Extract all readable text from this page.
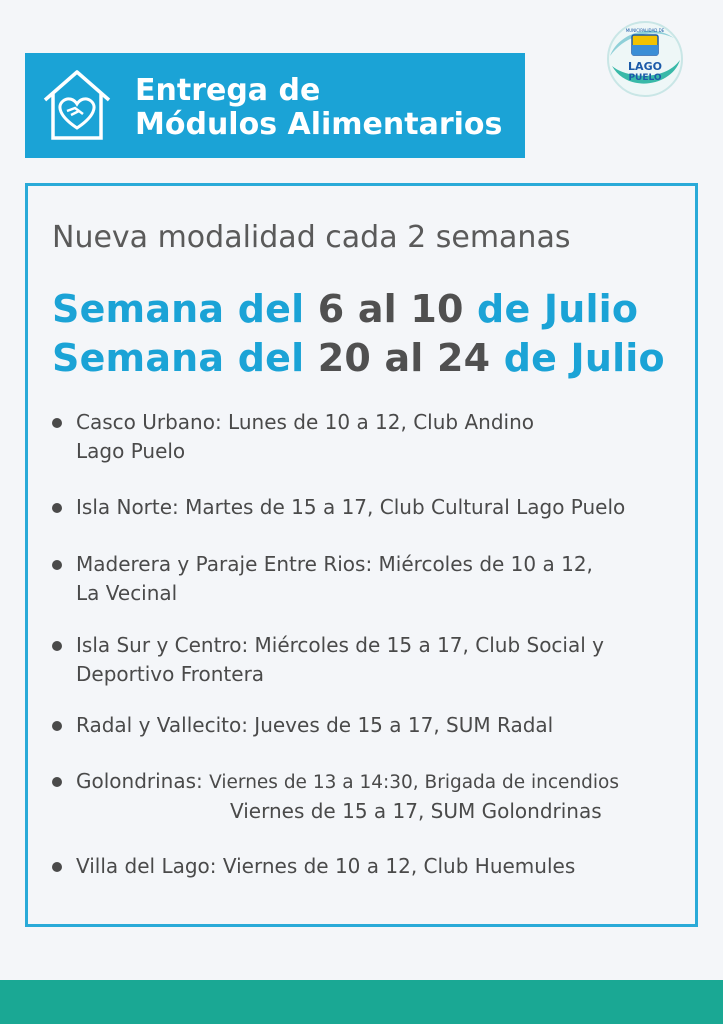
Entrega de
Módulos Alimentarios
MUNICIPALIDAD DE
LAGO
PUELO
Nueva modalidad cada 2 semanas
Semana del 6 al 10 de Julio
Semana del 20 al 24 de Julio
Casco Urbano: Lunes de 10 a 12, Club Andino
Lago Puelo
Isla Norte: Martes de 15 a 17, Club Cultural Lago Puelo
Maderera y Paraje Entre Rios: Miércoles de 10 a 12,
La Vecinal
Isla Sur y Centro: Miércoles de 15 a 17, Club Social y
Deportivo Frontera
Radal y Vallecito: Jueves de 15 a 17, SUM Radal
Golondrinas: Viernes de 13 a 14:30, Brigada de incendios
Viernes de 15 a 17, SUM Golondrinas
Villa del Lago: Viernes de 10 a 12, Club Huemules
